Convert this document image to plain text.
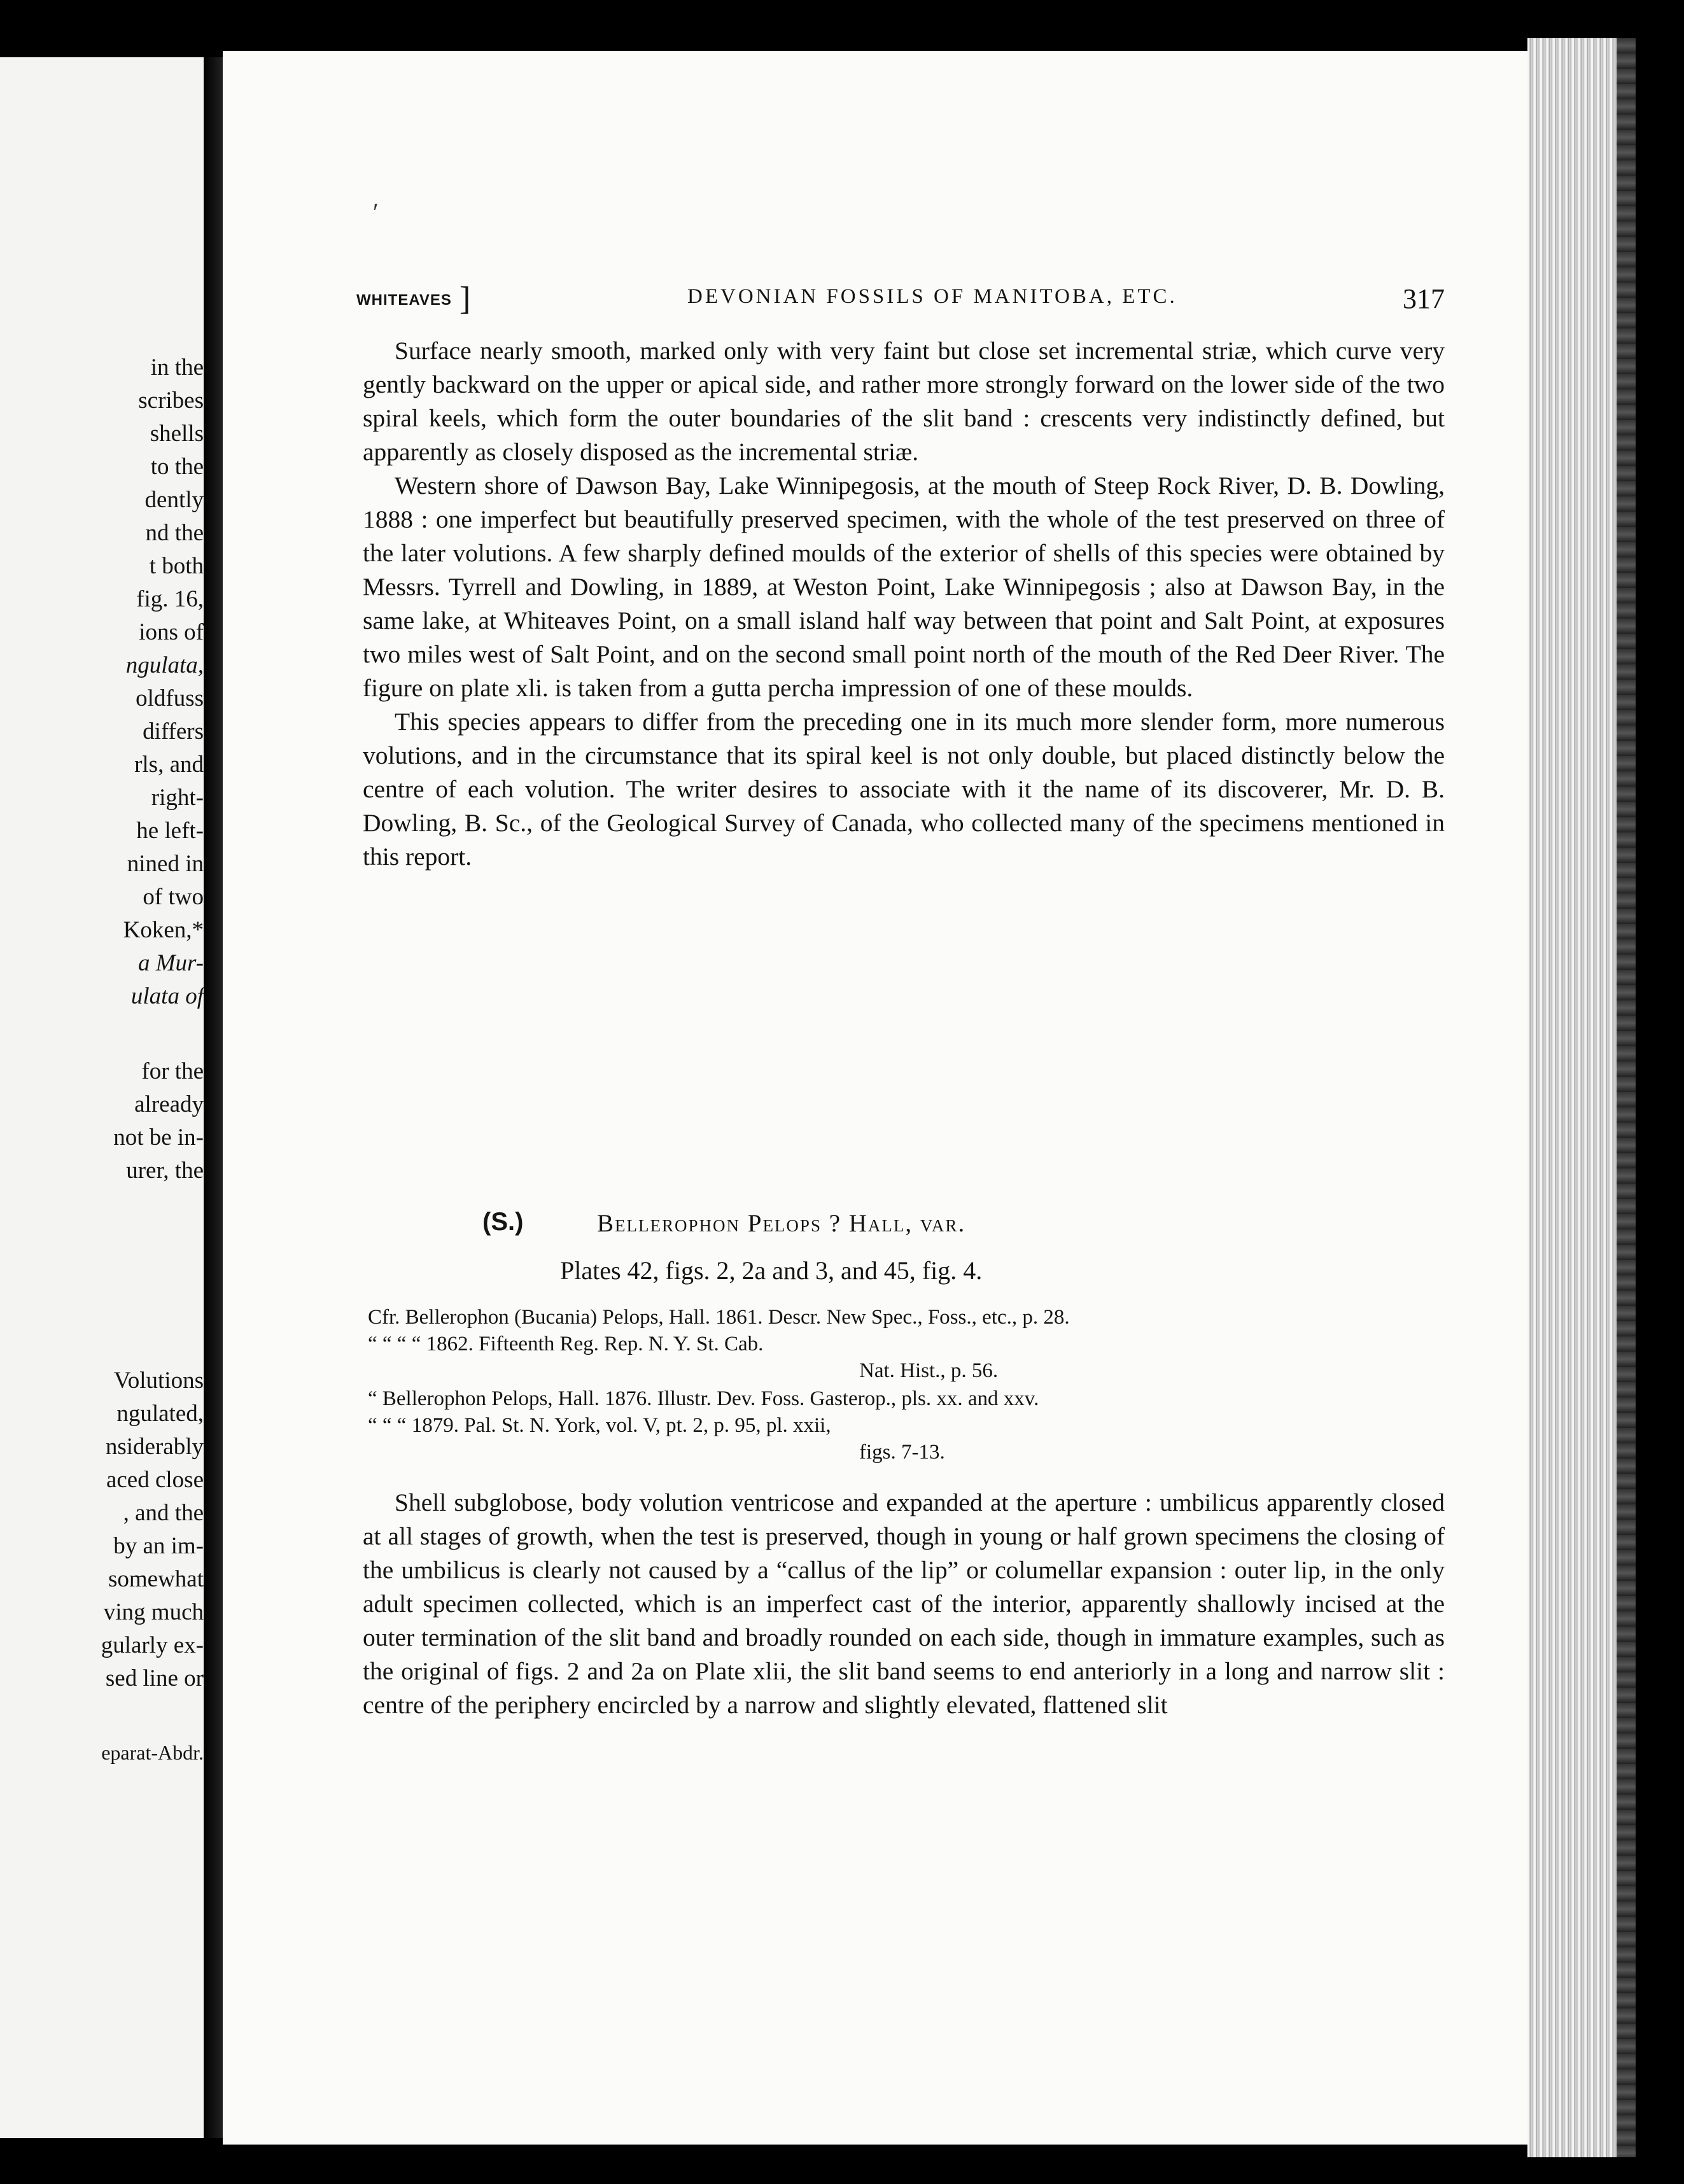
in the
scribes
shells
to the
dently
nd the
t both
fig. 16,
ions of
ngulata,
oldfuss
differs
rls, and
right-
he left-
nined in
of two
Koken,*
a Mur-
ulata of
for the
already
not be in-
urer, the
Volutions
ngulated,
nsiderably
aced close
, and the
by an im-
somewhat
ving much
gularly ex-
sed line or
eparat-Abdr.
′
WHITEAVES ]	DEVONIAN FOSSILS OF MANITOBA, ETC.	317

Surface nearly smooth, marked only with very faint but close set incremental striæ, which curve very gently backward on the upper or apical side, and rather more strongly forward on the lower side of the two spiral keels, which form the outer boundaries of the slit band : crescents very indistinctly defined, but apparently as closely disposed as the incremental striæ.

Western shore of Dawson Bay, Lake Winnipegosis, at the mouth of Steep Rock River, D. B. Dowling, 1888 : one imperfect but beautifully preserved specimen, with the whole of the test preserved on three of the later volutions. A few sharply defined moulds of the exterior of shells of this species were obtained by Messrs. Tyrrell and Dowling, in 1889, at Weston Point, Lake Winnipegosis ; also at Dawson Bay, in the same lake, at Whiteaves Point, on a small island half way between that point and Salt Point, at exposures two miles west of Salt Point, and on the second small point north of the mouth of the Red Deer River. The figure on plate xli. is taken from a gutta percha impression of one of these moulds.

This species appears to differ from the preceding one in its much more slender form, more numerous volutions, and in the circumstance that its spiral keel is not only double, but placed distinctly below the centre of each volution. The writer desires to associate with it the name of its discoverer, Mr. D. B. Dowling, B. Sc., of the Geological Survey of Canada, who collected many of the specimens mentioned in this report.

(S.)	Bellerophon Pelops ? Hall, var.
Plates 42, figs. 2, 2a and 3, and 45, fig. 4.
Cfr. Bellerophon (Bucania) Pelops, Hall. 1861. Descr. New Spec., Foss., etc., p. 28.
“ “ “ “ 1862. Fifteenth Reg. Rep. N. Y. St. Cab.
Nat. Hist., p. 56.
“ Bellerophon Pelops, Hall. 1876. Illustr. Dev. Foss. Gasterop., pls. xx. and xxv.
“ “ “ 1879. Pal. St. N. York, vol. V, pt. 2, p. 95, pl. xxii,
figs. 7-13.

Shell subglobose, body volution ventricose and expanded at the aperture : umbilicus apparently closed at all stages of growth, when the test is preserved, though in young or half grown specimens the closing of the umbilicus is clearly not caused by a “callus of the lip” or columellar expansion : outer lip, in the only adult specimen collected, which is an imperfect cast of the interior, apparently shallowly incised at the outer termination of the slit band and broadly rounded on each side, though in immature examples, such as the original of figs. 2 and 2a on Plate xlii, the slit band seems to end anteriorly in a long and narrow slit : centre of the periphery encircled by a narrow and slightly elevated, flattened slit
